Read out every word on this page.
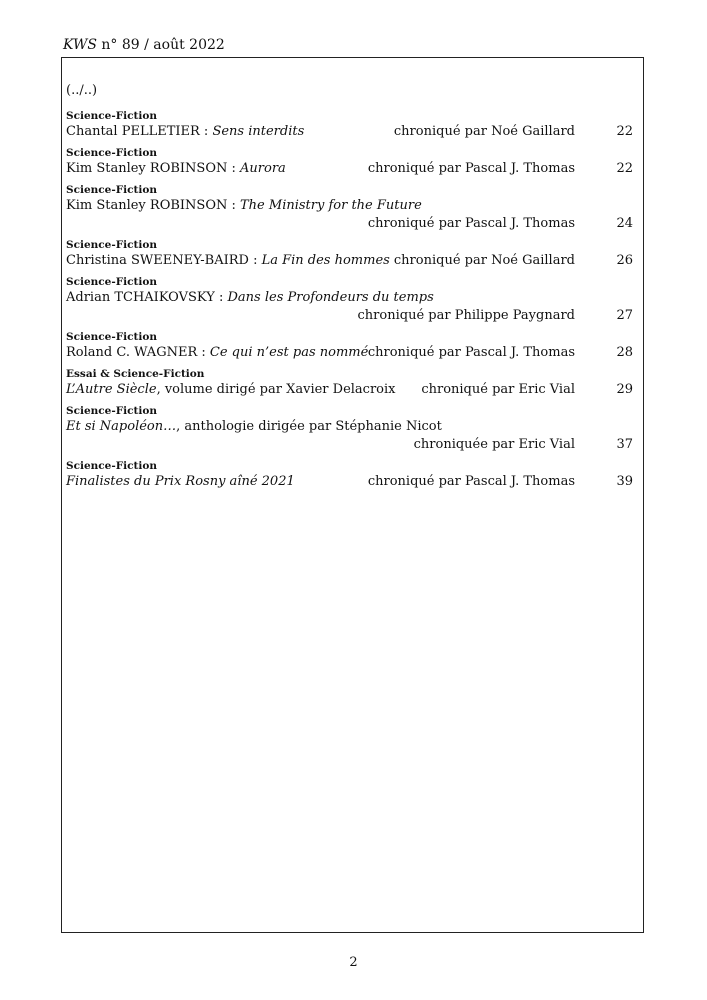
KWS n° 89 / août 2022
(../..)
Science-Fiction
Chantal PELLETIER : Sens interdits	chroniqué par Noé Gaillard	22
Science-Fiction
Kim Stanley ROBINSON : Aurora	chroniqué par Pascal J. Thomas	22
Science-Fiction
Kim Stanley ROBINSON : The Ministry for the Future
chroniqué par Pascal J. Thomas	24
Science-Fiction
Christina SWEENEY-BAIRD : La Fin des hommes chroniqué par Noé Gaillard	26
Science-Fiction
Adrian TCHAIKOVSKY : Dans les Profondeurs du temps
chroniqué par Philippe Paygnard	27
Science-Fiction
Roland C. WAGNER : Ce qui n’est pas nommé chroniqué par Pascal J. Thomas	28
Essai & Science-Fiction
L’Autre Siècle, volume dirigé par Xavier Delacroix chroniqué par Eric Vial	29
Science-Fiction
Et si Napoléon…, anthologie dirigée par Stéphanie Nicot
chroniquée par Eric Vial	37
Science-Fiction
Finalistes du Prix Rosny aîné 2021	chroniqué par Pascal J. Thomas	39
2
